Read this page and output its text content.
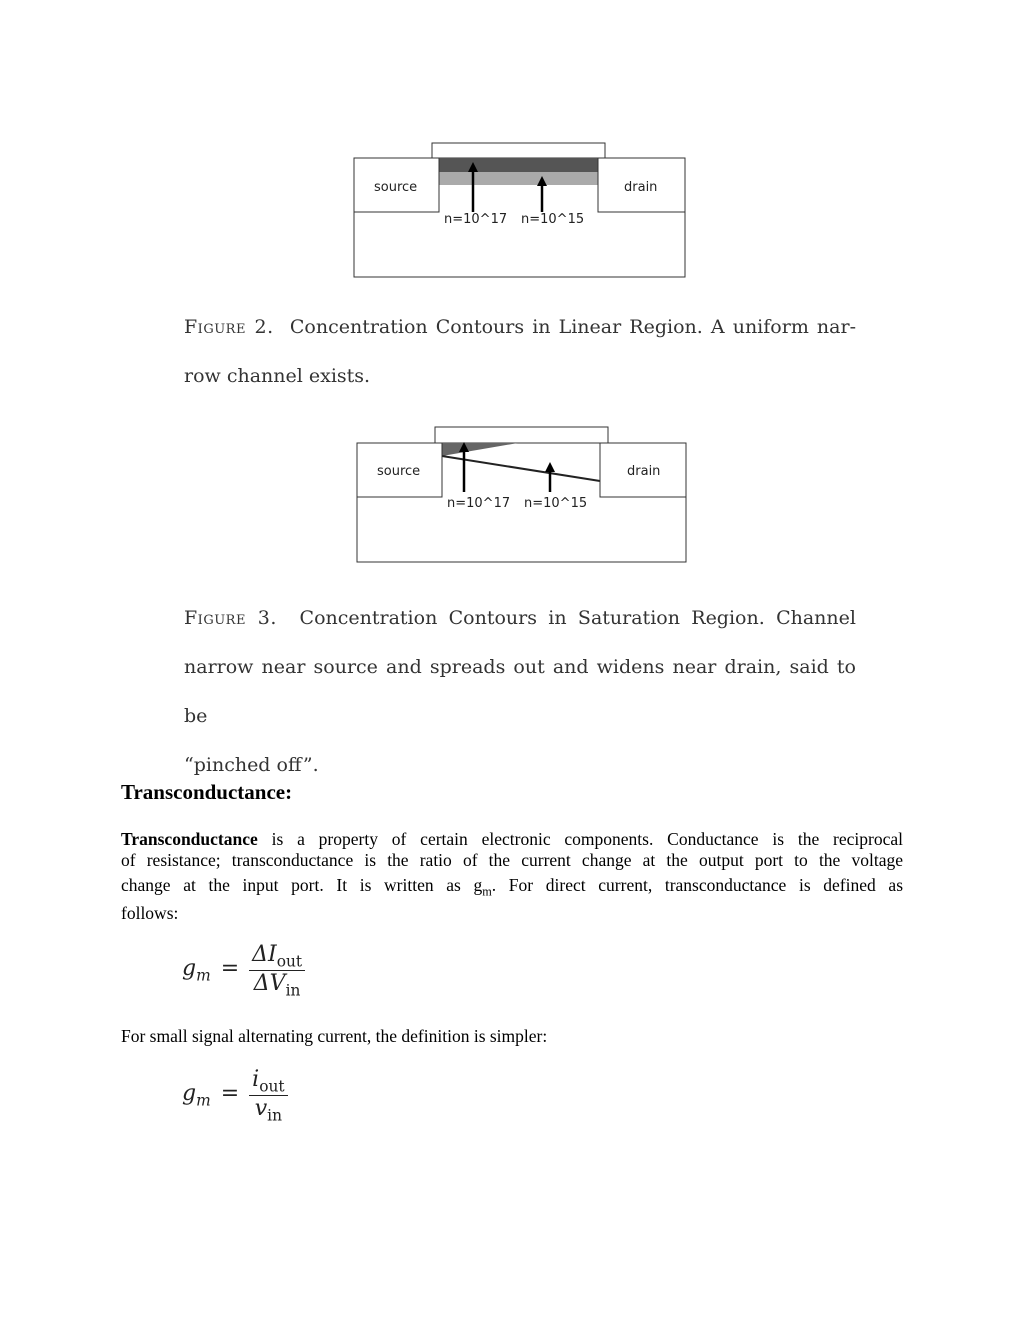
source	drain
n=10^17 n=10^15
Figure 2. Concentration Contours in Linear Region. A uniform nar-
row channel exists.
source	drain
n=10^17 n=10^15
Figure 3. Concentration Contours in Saturation Region. Channel
narrow near source and spreads out and widens near drain, said to be
“pinched off”.
Transconductance:
Transconductance is a property of certain electronic components. Conductance is the reciprocal
of resistance; transconductance is the ratio of the current change at the output port to the voltage
change at the input port. It is written as $g_m$. For direct current, transconductance is defined as
follows:
$g_m = \frac{\Delta I_{out}}{\Delta V_{in}}$
For small signal alternating current, the definition is simpler:
$g_m = \frac{i_{out}}{v_{in}}$
